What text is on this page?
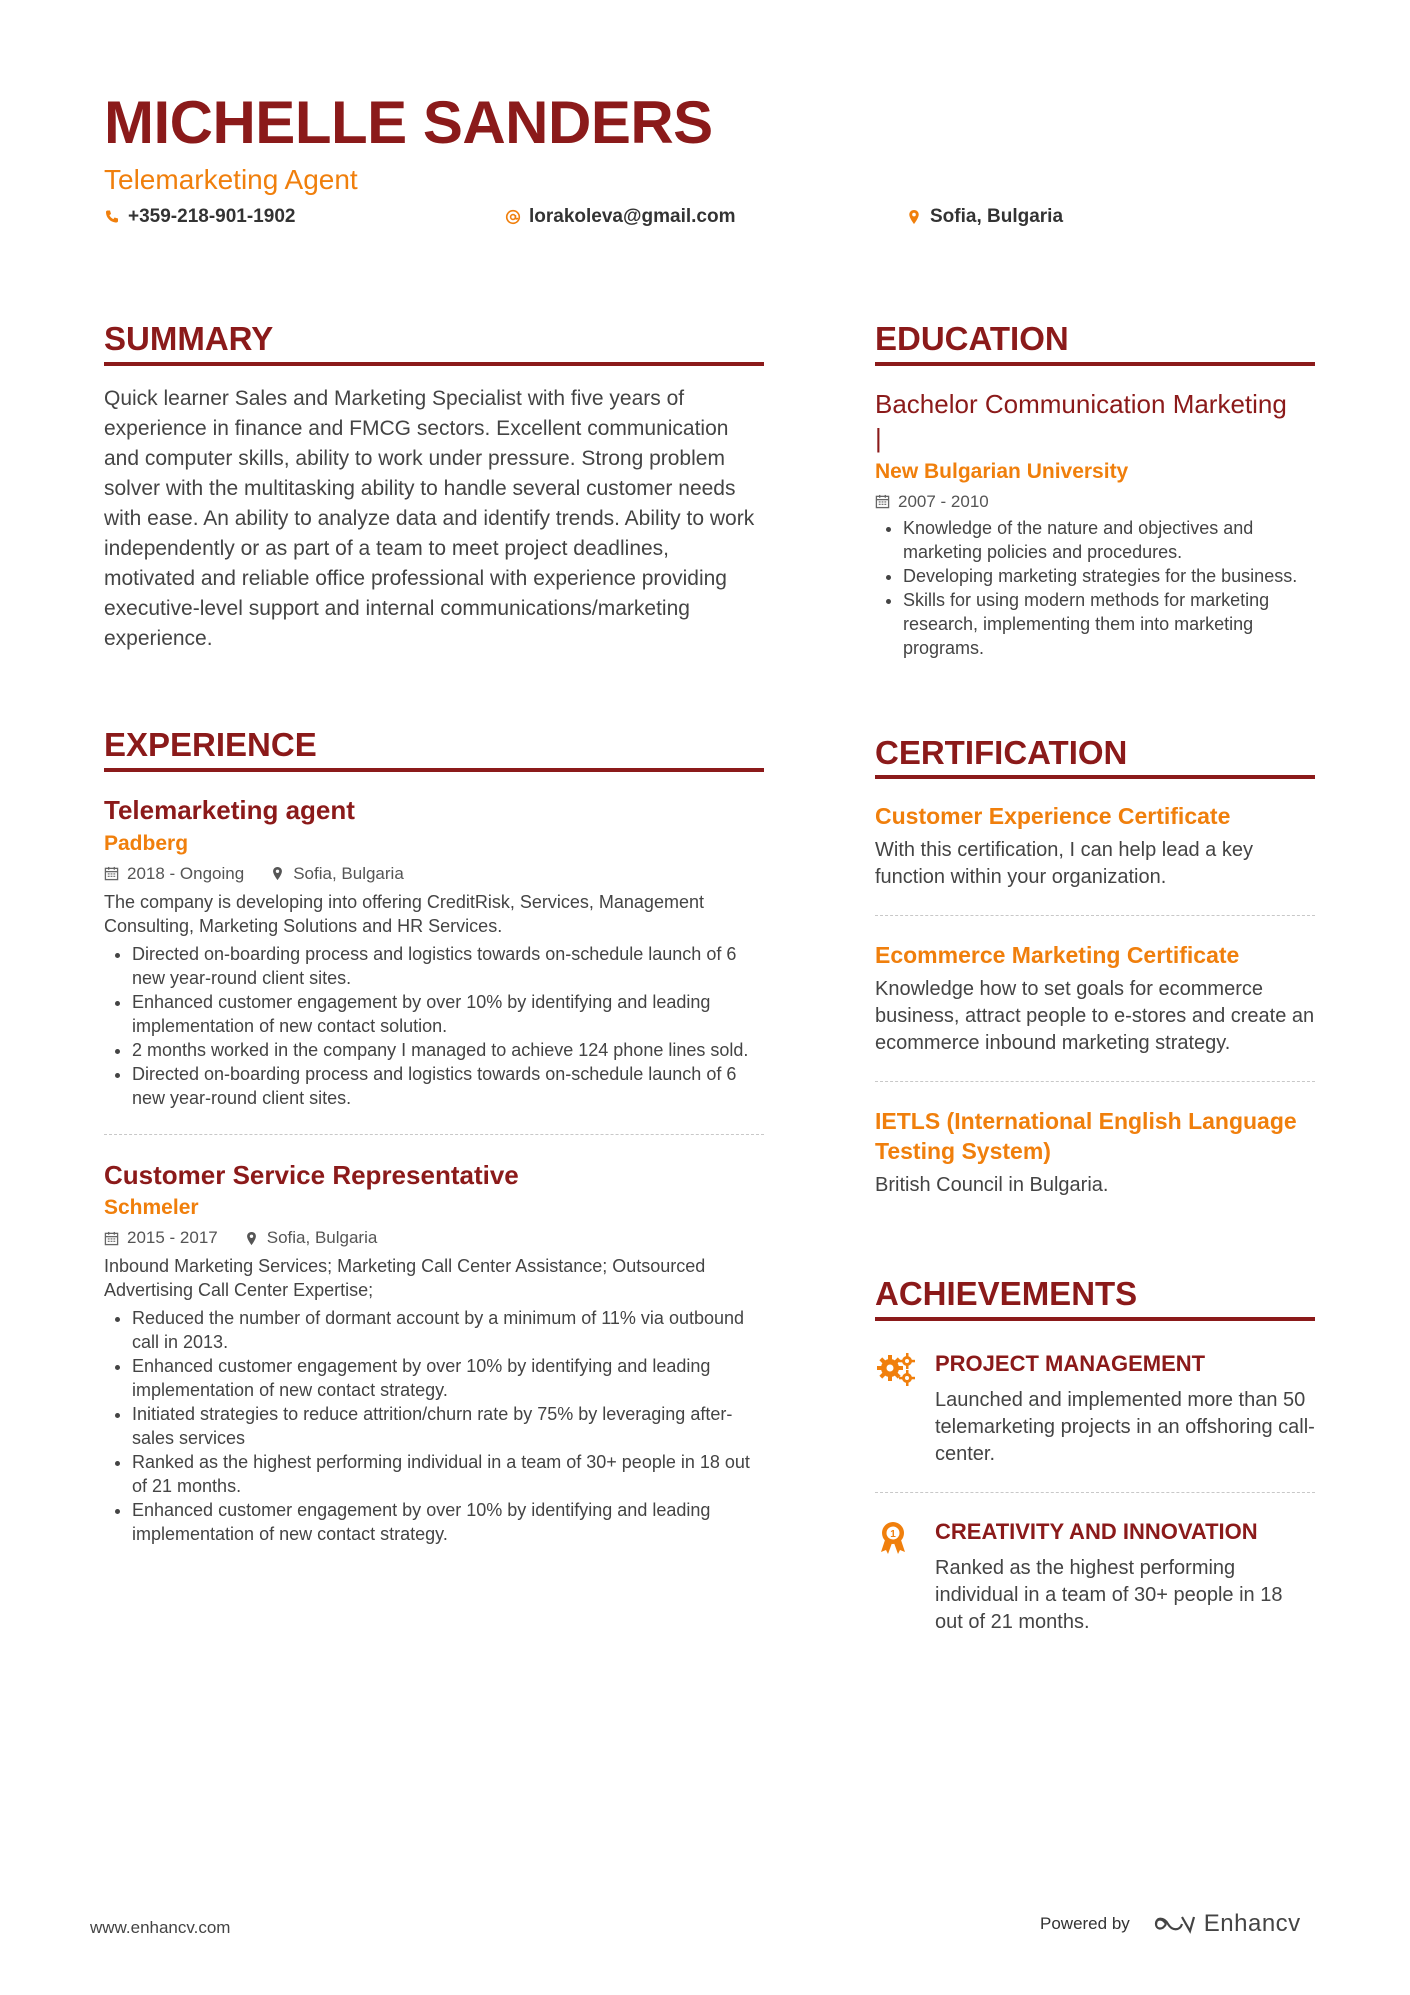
MICHELLE SANDERS
Telemarketing Agent
+359-218-901-1902	lorakoleva@gmail.com	Sofia, Bulgaria
SUMMARY

Quick learner Sales and Marketing Specialist with five years of experience in finance and FMCG sectors. Excellent communication and computer skills, ability to work under pressure. Strong problem solver with the multitasking ability to handle several customer needs with ease. An ability to analyze data and identify trends. Ability to work independently or as part of a team to meet project deadlines, motivated and reliable office professional with experience providing executive-level support and internal communications/marketing experience.

EXPERIENCE
Telemarketing agent
Padberg
2018 - Ongoing	Sofia, Bulgaria

The company is developing into offering CreditRisk, Services, Management Consulting, Marketing Solutions and HR Services.

• Directed on-boarding process and logistics towards on-schedule launch of 6 new year-round client sites.
• Enhanced customer engagement by over 10% by identifying and leading implementation of new contact solution.
• 2 months worked in the company I managed to achieve 124 phone lines sold.
• Directed on-boarding process and logistics towards on-schedule launch of 6 new year-round client sites.
Customer Service Representative
Schmeler
2015 - 2017	Sofia, Bulgaria

Inbound Marketing Services; Marketing Call Center Assistance; Outsourced Advertising Call Center Expertise;

• Reduced the number of dormant account by a minimum of 11% via outbound call in 2013.
• Enhanced customer engagement by over 10% by identifying and leading implementation of new contact strategy.
• Initiated strategies to reduce attrition/churn rate by 75% by leveraging after-sales services
• Ranked as the highest performing individual in a team of 30+ people in 18 out of 21 months.
• Enhanced customer engagement by over 10% by identifying and leading implementation of new contact strategy.
EDUCATION
Bachelor Communication Marketing
|
New Bulgarian University
2007 - 2010
• Knowledge of the nature and objectives and marketing policies and procedures.
• Developing marketing strategies for the business.
• Skills for using modern methods for marketing research, implementing them into marketing programs.
CERTIFICATION
Customer Experience Certificate

With this certification, I can help lead a key function within your organization.

Ecommerce Marketing Certificate

Knowledge how to set goals for ecommerce business, attract people to e-stores and create an ecommerce inbound marketing strategy.

IETLS (International English Language Testing System)

British Council in Bulgaria.

ACHIEVEMENTS
PROJECT MANAGEMENT

Launched and implemented more than 50 telemarketing projects in an offshoring call-center.

1 CREATIVITY AND INNOVATION

Ranked as the highest performing individual in a team of 30+ people in 18 out of 21 months.

www.enhancv.com	Powered by	Enhancv
